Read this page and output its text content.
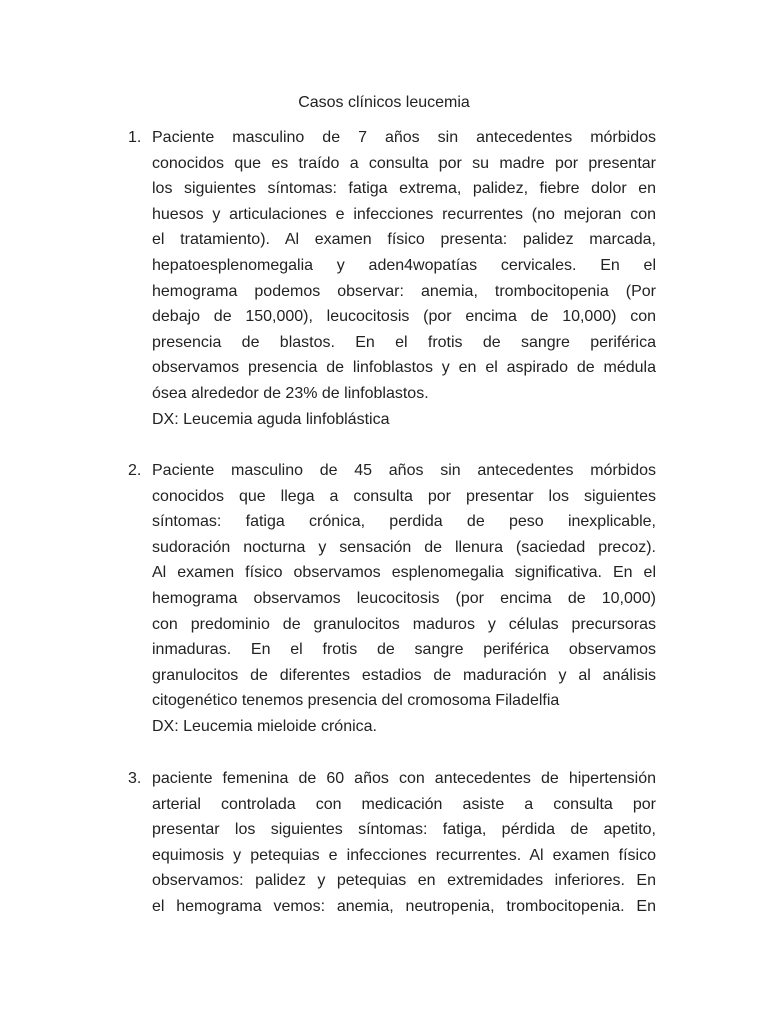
Casos clínicos leucemia
1. Paciente masculino de 7 años sin antecedentes mórbidos
conocidos que es traído a consulta por su madre por presentar
los siguientes síntomas: fatiga extrema, palidez, fiebre dolor en
huesos y articulaciones e infecciones recurrentes (no mejoran con
el tratamiento). Al examen físico presenta: palidez marcada,
hepatoesplenomegalia y aden4wopatías cervicales. En el
hemograma podemos observar: anemia, trombocitopenia (Por
debajo de 150,000), leucocitosis (por encima de 10,000) con
presencia de blastos. En el frotis de sangre periférica
observamos presencia de linfoblastos y en el aspirado de médula
ósea alrededor de 23% de linfoblastos.
DX: Leucemia aguda linfoblástica
2. Paciente masculino de 45 años sin antecedentes mórbidos
conocidos que llega a consulta por presentar los siguientes
síntomas: fatiga crónica, perdida de peso inexplicable,
sudoración nocturna y sensación de llenura (saciedad precoz).
Al examen físico observamos esplenomegalia significativa. En el
hemograma observamos leucocitosis (por encima de 10,000)
con predominio de granulocitos maduros y células precursoras
inmaduras. En el frotis de sangre periférica observamos
granulocitos de diferentes estadios de maduración y al análisis
citogenético tenemos presencia del cromosoma Filadelfia
DX: Leucemia mieloide crónica.
3. paciente femenina de 60 años con antecedentes de hipertensión
arterial controlada con medicación asiste a consulta por
presentar los siguientes síntomas: fatiga, pérdida de apetito,
equimosis y petequias e infecciones recurrentes. Al examen físico
observamos: palidez y petequias en extremidades inferiores. En
el hemograma vemos: anemia, neutropenia, trombocitopenia. En
